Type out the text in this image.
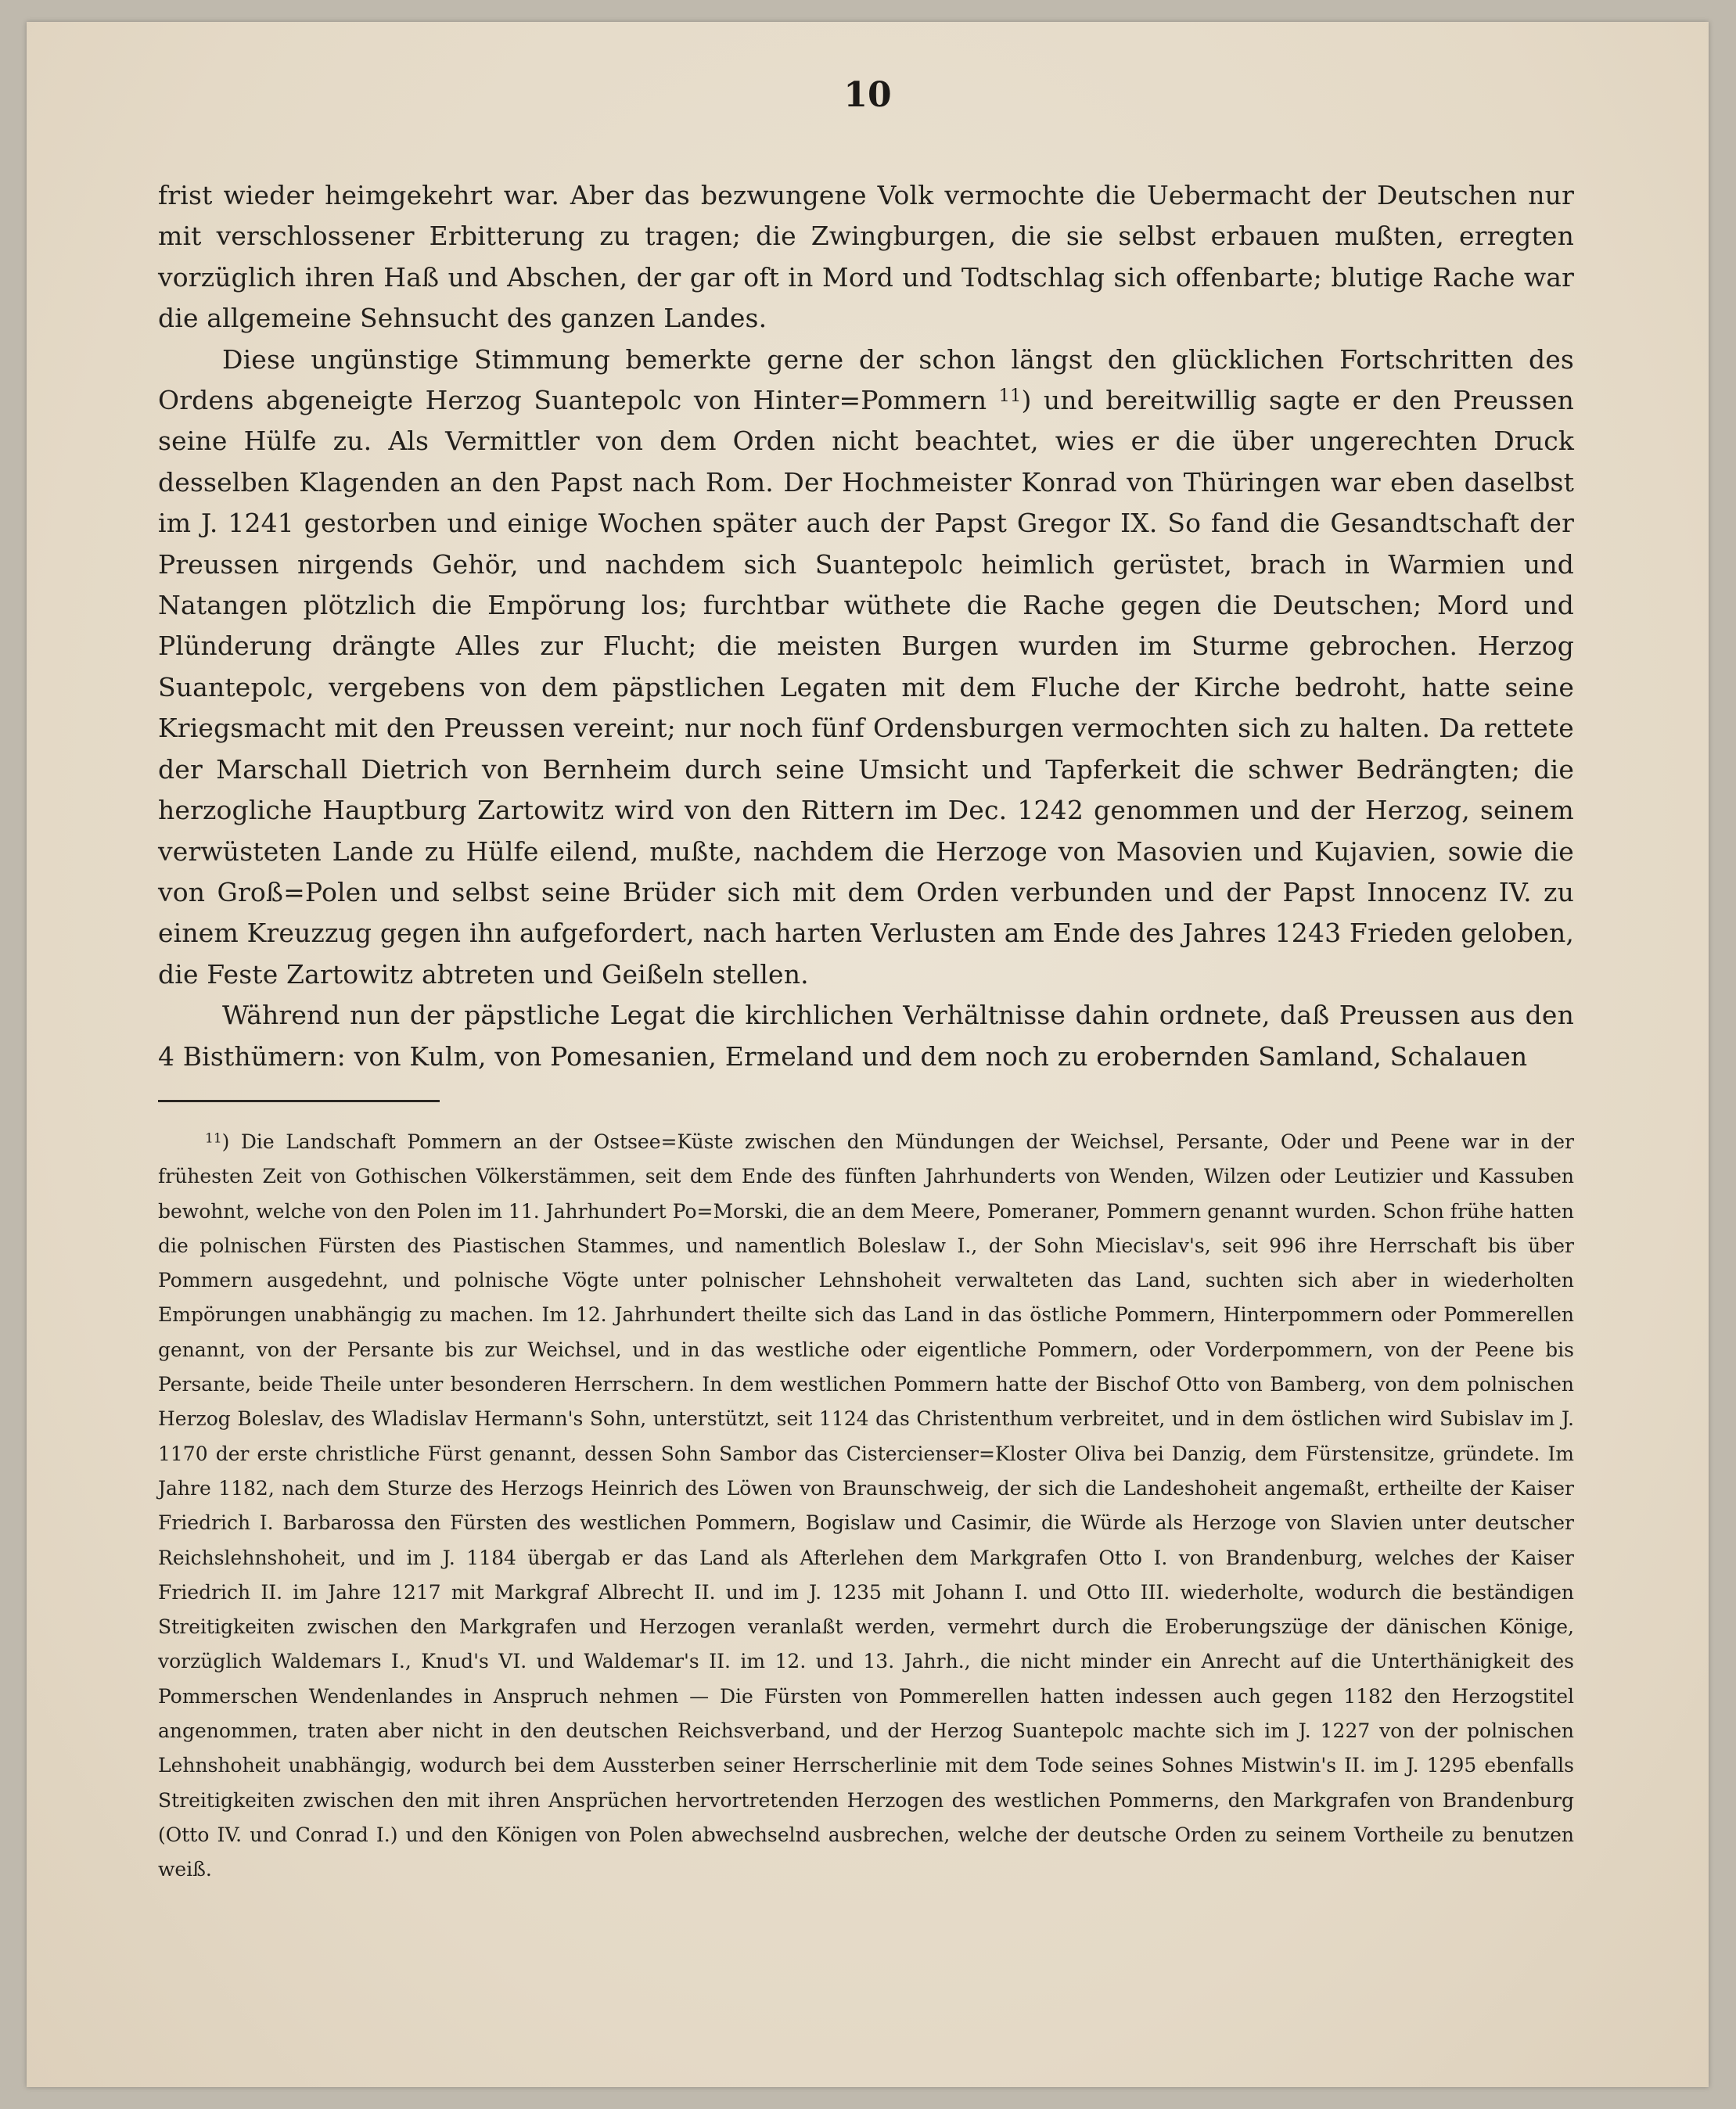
10

frist wieder heimgekehrt war. Aber das bezwungene Volk vermochte die Uebermacht der Deutschen nur mit verschlossener Erbitterung zu tragen; die Zwingburgen, die sie selbst erbauen mußten, erregten vorzüglich ihren Haß und Abschen, der gar oft in Mord und Todtschlag sich offenbarte; blutige Rache war die allgemeine Sehnsucht des ganzen Landes.

Diese ungünstige Stimmung bemerkte gerne der schon längst den glücklichen Fortschritten des Ordens abgeneigte Herzog Suantepolc von Hinter=Pommern $^{11}$) und bereitwillig sagte er den Preussen seine Hülfe zu. Als Vermittler von dem Orden nicht beachtet, wies er die über ungerechten Druck desselben Klagenden an den Papst nach Rom. Der Hochmeister Konrad von Thüringen war eben daselbst im J. 1241 gestorben und einige Wochen später auch der Papst Gregor IX. So fand die Gesandtschaft der Preussen nirgends Gehör, und nachdem sich Suantepolc heimlich gerüstet, brach in Warmien und Natangen plötzlich die Empörung los; furchtbar wüthete die Rache gegen die Deutschen; Mord und Plünderung drängte Alles zur Flucht; die meisten Burgen wurden im Sturme gebrochen. Herzog Suantepolc, vergebens von dem päpstlichen Legaten mit dem Fluche der Kirche bedroht, hatte seine Kriegsmacht mit den Preussen vereint; nur noch fünf Ordensburgen vermochten sich zu halten. Da rettete der Marschall Dietrich von Bernheim durch seine Umsicht und Tapferkeit die schwer Bedrängten; die herzogliche Hauptburg Zartowitz wird von den Rittern im Dec. 1242 genommen und der Herzog, seinem verwüsteten Lande zu Hülfe eilend, mußte, nachdem die Herzoge von Masovien und Kujavien, sowie die von Groß=Polen und selbst seine Brüder sich mit dem Orden verbunden und der Papst Innocenz IV. zu einem Kreuzzug gegen ihn aufgefordert, nach harten Verlusten am Ende des Jahres 1243 Frieden geloben, die Feste Zartowitz abtreten und Geißeln stellen.

Während nun der päpstliche Legat die kirchlichen Verhältnisse dahin ordnete, daß Preussen aus den 4 Bisthümern: von Kulm, von Pomesanien, Ermeland und dem noch zu erobernden Samland, Schalauen

$^{11}$) Die Landschaft Pommern an der Ostsee=Küste zwischen den Mündungen der Weichsel, Persante, Oder und Peene war in der frühesten Zeit von Gothischen Völkerstämmen, seit dem Ende des fünften Jahrhunderts von Wenden, Wilzen oder Leutizier und Kassuben bewohnt, welche von den Polen im 11. Jahrhundert Po=Morski, die an dem Meere, Pomeraner, Pommern genannt wurden. Schon frühe hatten die polnischen Fürsten des Piastischen Stammes, und namentlich Boleslaw I., der Sohn Miecislav's, seit 996 ihre Herrschaft bis über Pommern ausgedehnt, und polnische Vögte unter polnischer Lehnshoheit verwalteten das Land, suchten sich aber in wiederholten Empörungen unabhängig zu machen. Im 12. Jahrhundert theilte sich das Land in das östliche Pommern, Hinterpommern oder Pommerellen genannt, von der Persante bis zur Weichsel, und in das westliche oder eigentliche Pommern, oder Vorderpommern, von der Peene bis Persante, beide Theile unter besonderen Herrschern. In dem westlichen Pommern hatte der Bischof Otto von Bamberg, von dem polnischen Herzog Boleslav, des Wladislav Hermann's Sohn, unterstützt, seit 1124 das Christenthum verbreitet, und in dem östlichen wird Subislav im J. 1170 der erste christliche Fürst genannt, dessen Sohn Sambor das Cistercienser=Kloster Oliva bei Danzig, dem Fürstensitze, gründete. Im Jahre 1182, nach dem Sturze des Herzogs Heinrich des Löwen von Braunschweig, der sich die Landeshoheit angemaßt, ertheilte der Kaiser Friedrich I. Barbarossa den Fürsten des westlichen Pommern, Bogislaw und Casimir, die Würde als Herzoge von Slavien unter deutscher Reichslehnshoheit, und im J. 1184 übergab er das Land als Afterlehen dem Markgrafen Otto I. von Brandenburg, welches der Kaiser Friedrich II. im Jahre 1217 mit Markgraf Albrecht II. und im J. 1235 mit Johann I. und Otto III. wiederholte, wodurch die beständigen Streitigkeiten zwischen den Markgrafen und Herzogen veranlaßt werden, vermehrt durch die Eroberungszüge der dänischen Könige, vorzüglich Waldemars I., Knud's VI. und Waldemar's II. im 12. und 13. Jahrh., die nicht minder ein Anrecht auf die Unterthänigkeit des Pommerschen Wendenlandes in Anspruch nehmen — Die Fürsten von Pommerellen hatten indessen auch gegen 1182 den Herzogstitel angenommen, traten aber nicht in den deutschen Reichsverband, und der Herzog Suantepolc machte sich im J. 1227 von der polnischen Lehnshoheit unabhängig, wodurch bei dem Aussterben seiner Herrscherlinie mit dem Tode seines Sohnes Mistwin's II. im J. 1295 ebenfalls Streitigkeiten zwischen den mit ihren Ansprüchen hervortretenden Herzogen des westlichen Pommerns, den Markgrafen von Brandenburg (Otto IV. und Conrad I.) und den Königen von Polen abwechselnd ausbrechen, welche der deutsche Orden zu seinem Vortheile zu benutzen weiß.
